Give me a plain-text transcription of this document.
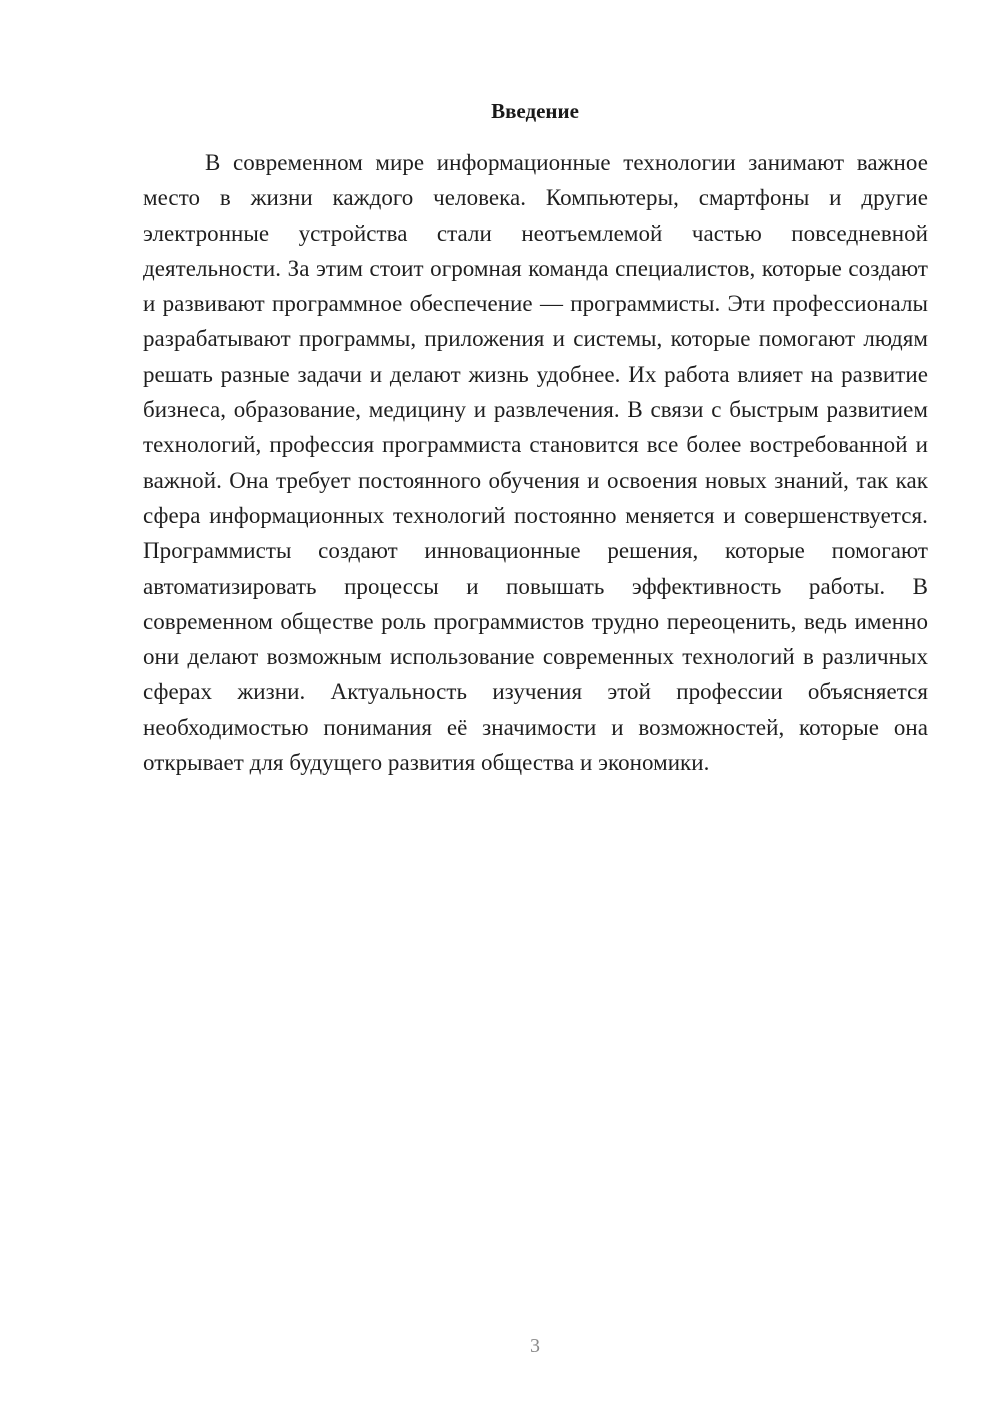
Введение

В современном мире информационные технологии занимают важное место в жизни каждого человека. Компьютеры, смартфоны и другие электронные устройства стали неотъемлемой частью повседневной деятельности. За этим стоит огромная команда специалистов, которые создают и развивают программное обеспечение — программисты. Эти профессионалы разрабатывают программы, приложения и системы, которые помогают людям решать разные задачи и делают жизнь удобнее. Их работа влияет на развитие бизнеса, образование, медицину и развлечения. В связи с быстрым развитием технологий, профессия программиста становится все более востребованной и важной. Она требует постоянного обучения и освоения новых знаний, так как сфера информационных технологий постоянно меняется и совершенствуется. Программисты создают инновационные решения, которые помогают автоматизировать процессы и повышать эффективность работы. В современном обществе роль программистов трудно переоценить, ведь именно они делают возможным использование современных технологий в различных сферах жизни. Актуальность изучения этой профессии объясняется необходимостью понимания её значимости и возможностей, которые она открывает для будущего развития общества и экономики.

3
